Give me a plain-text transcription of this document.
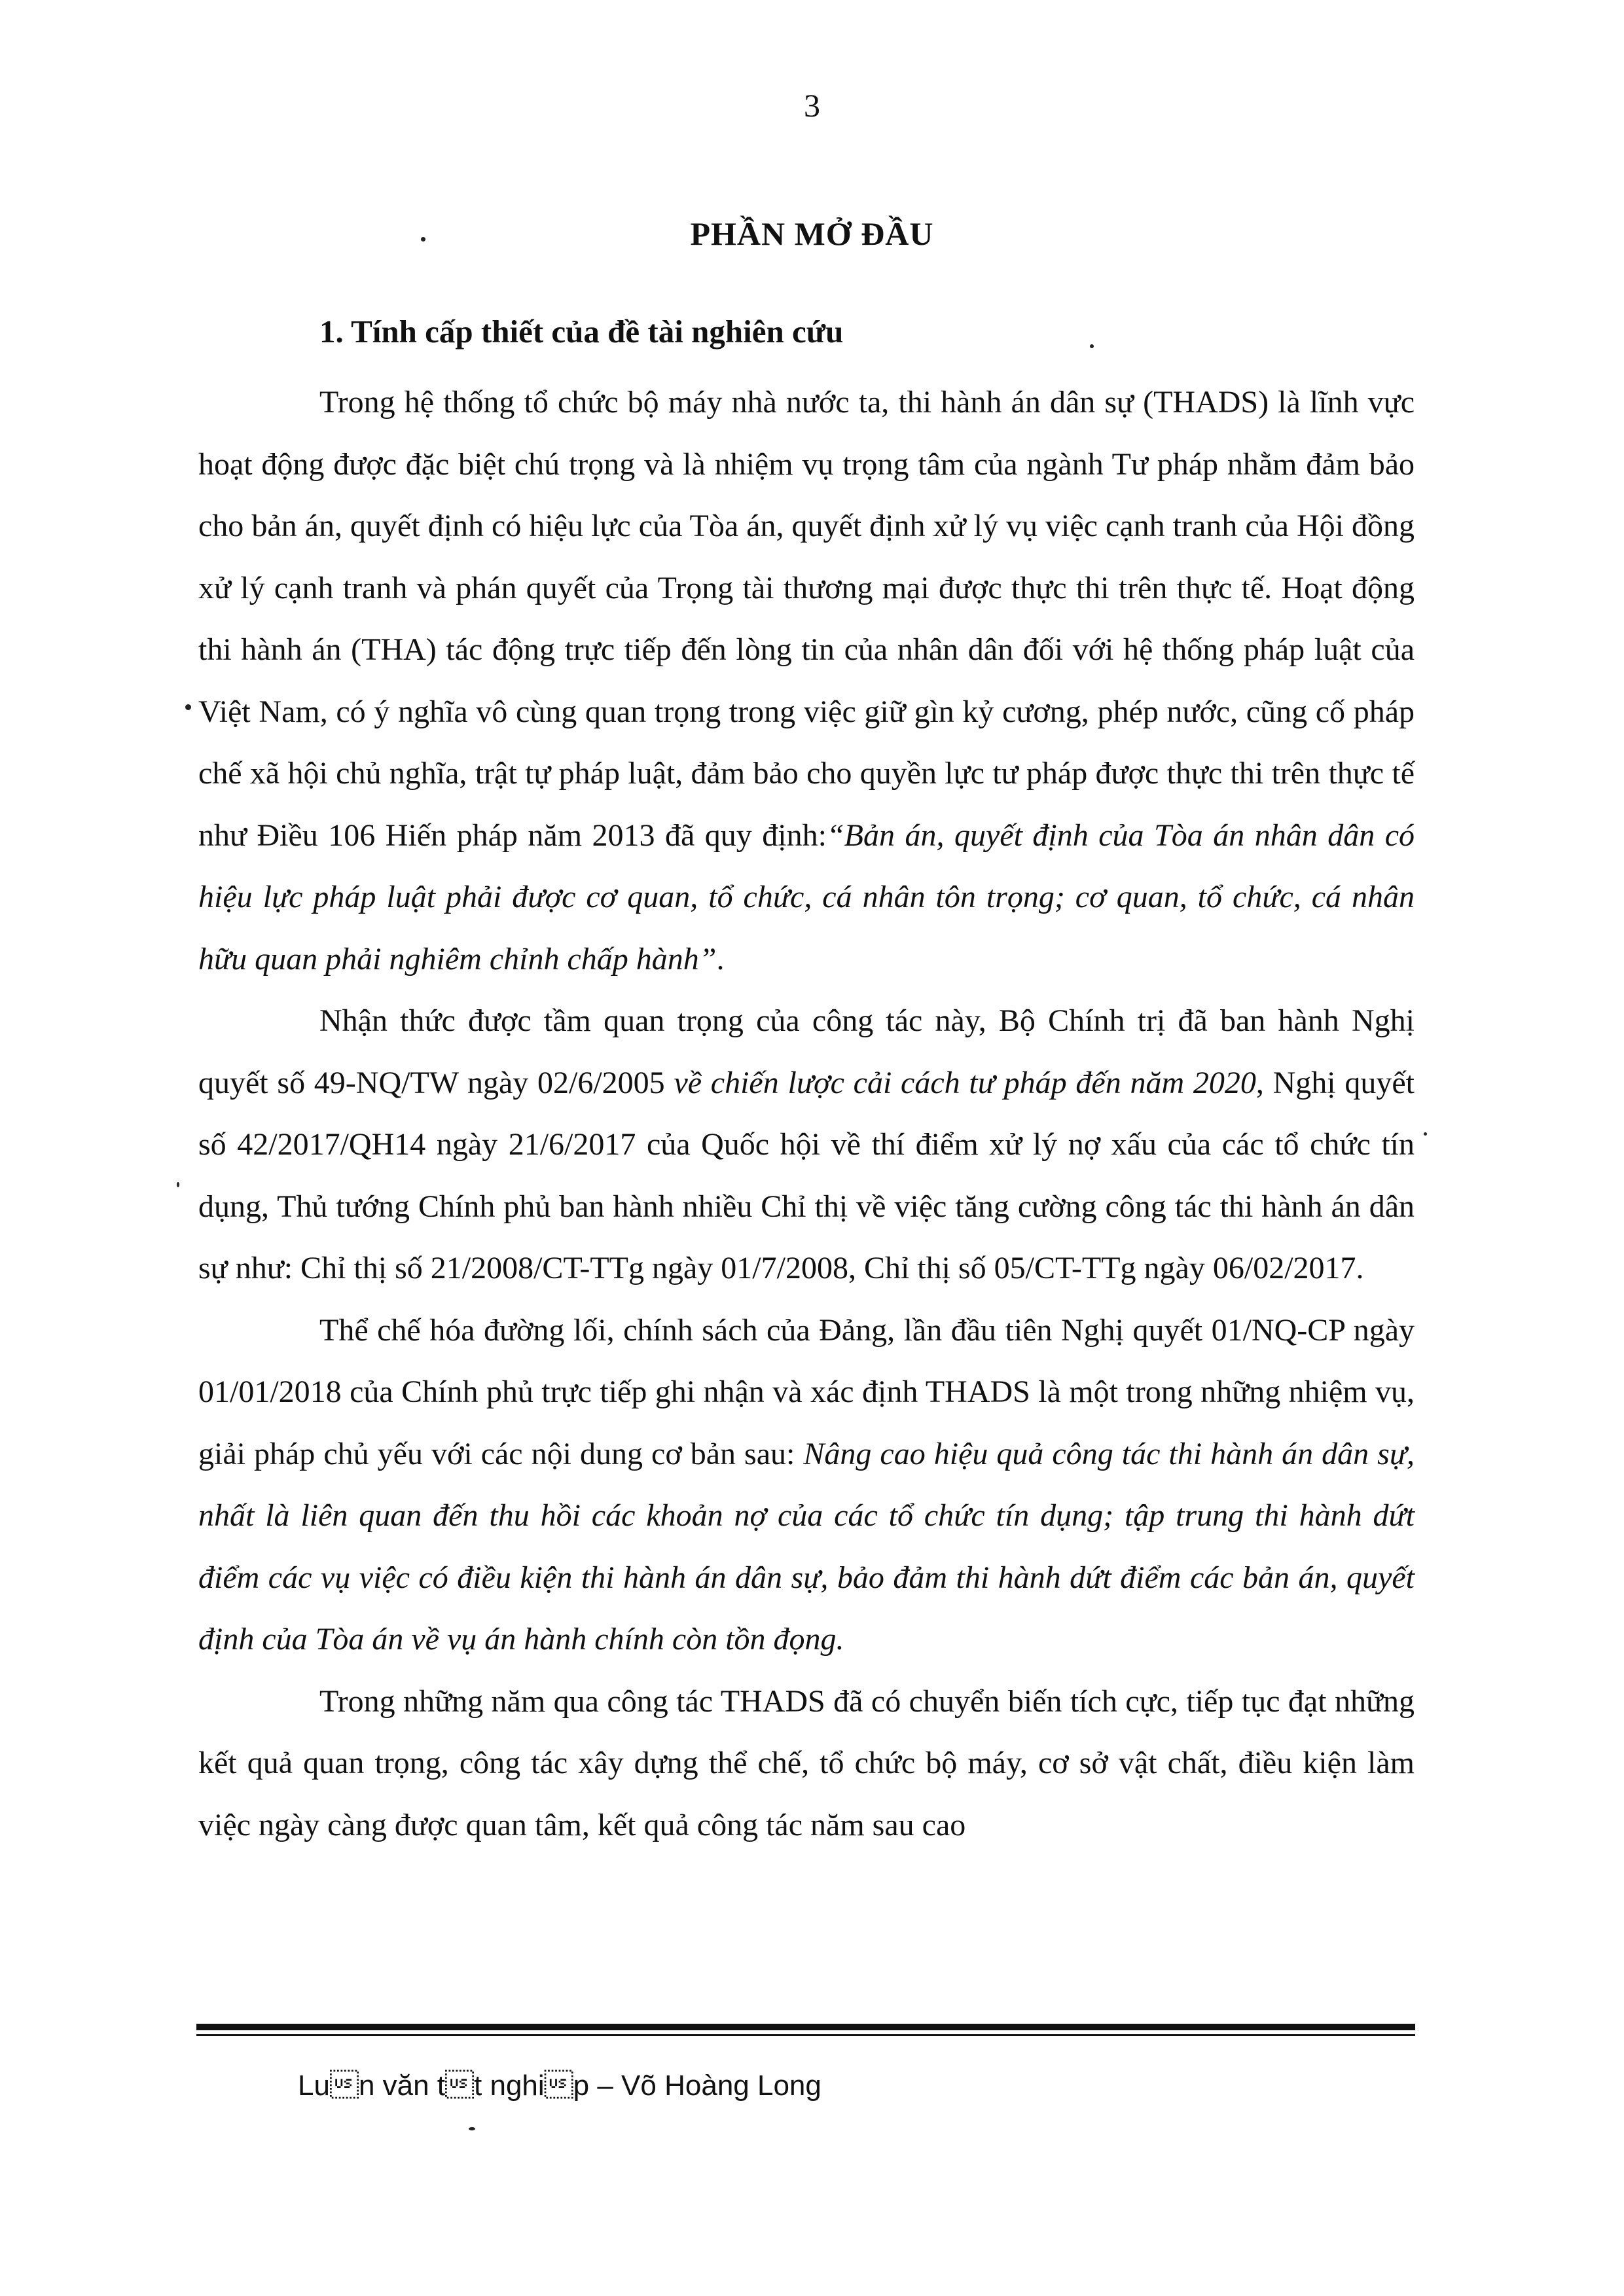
3
PHẦN MỞ ĐẦU
1. Tính cấp thiết của đề tài nghiên cứu

Trong hệ thống tổ chức bộ máy nhà nước ta, thi hành án dân sự (THADS) là lĩnh vực hoạt động được đặc biệt chú trọng và là nhiệm vụ trọng tâm của ngành Tư pháp nhằm đảm bảo cho bản án, quyết định có hiệu lực của Tòa án, quyết định xử lý vụ việc cạnh tranh của Hội đồng xử lý cạnh tranh và phán quyết của Trọng tài thương mại được thực thi trên thực tế. Hoạt động thi hành án (THA) tác động trực tiếp đến lòng tin của nhân dân đối với hệ thống pháp luật của Việt Nam, có ý nghĩa vô cùng quan trọng trong việc giữ gìn kỷ cương, phép nước, cũng cố pháp chế xã hội chủ nghĩa, trật tự pháp luật, đảm bảo cho quyền lực tư pháp được thực thi trên thực tế như Điều 106 Hiến pháp năm 2013 đã quy định:“Bản án, quyết định của Tòa án nhân dân có hiệu lực pháp luật phải được cơ quan, tổ chức, cá nhân tôn trọng; cơ quan, tổ chức, cá nhân hữu quan phải nghiêm chỉnh chấp hành”.

Nhận thức được tầm quan trọng của công tác này, Bộ Chính trị đã ban hành Nghị quyết số 49-NQ/TW ngày 02/6/2005 về chiến lược cải cách tư pháp đến năm 2020, Nghị quyết số 42/2017/QH14 ngày 21/6/2017 của Quốc hội về thí điểm xử lý nợ xấu của các tổ chức tín dụng, Thủ tướng Chính phủ ban hành nhiều Chỉ thị về việc tăng cường công tác thi hành án dân sự như: Chỉ thị số 21/2008/CT-TTg ngày 01/7/2008, Chỉ thị số 05/CT-TTg ngày 06/02/2017.

Thể chế hóa đường lối, chính sách của Đảng, lần đầu tiên Nghị quyết 01/NQ-CP ngày 01/01/2018 của Chính phủ trực tiếp ghi nhận và xác định THADS là một trong những nhiệm vụ, giải pháp chủ yếu với các nội dung cơ bản sau: Nâng cao hiệu quả công tác thi hành án dân sự, nhất là liên quan đến thu hồi các khoản nợ của các tổ chức tín dụng; tập trung thi hành dứt điểm các vụ việc có điều kiện thi hành án dân sự, bảo đảm thi hành dứt điểm các bản án, quyết định của Tòa án về vụ án hành chính còn tồn đọng.

Trong những năm qua công tác THADS đã có chuyển biến tích cực, tiếp tục đạt những kết quả quan trọng, công tác xây dựng thể chế, tổ chức bộ máy, cơ sở vật chất, điều kiện làm việc ngày càng được quan tâm, kết quả công tác năm sau cao

Lun văn tt nghip – Võ Hoàng Long
